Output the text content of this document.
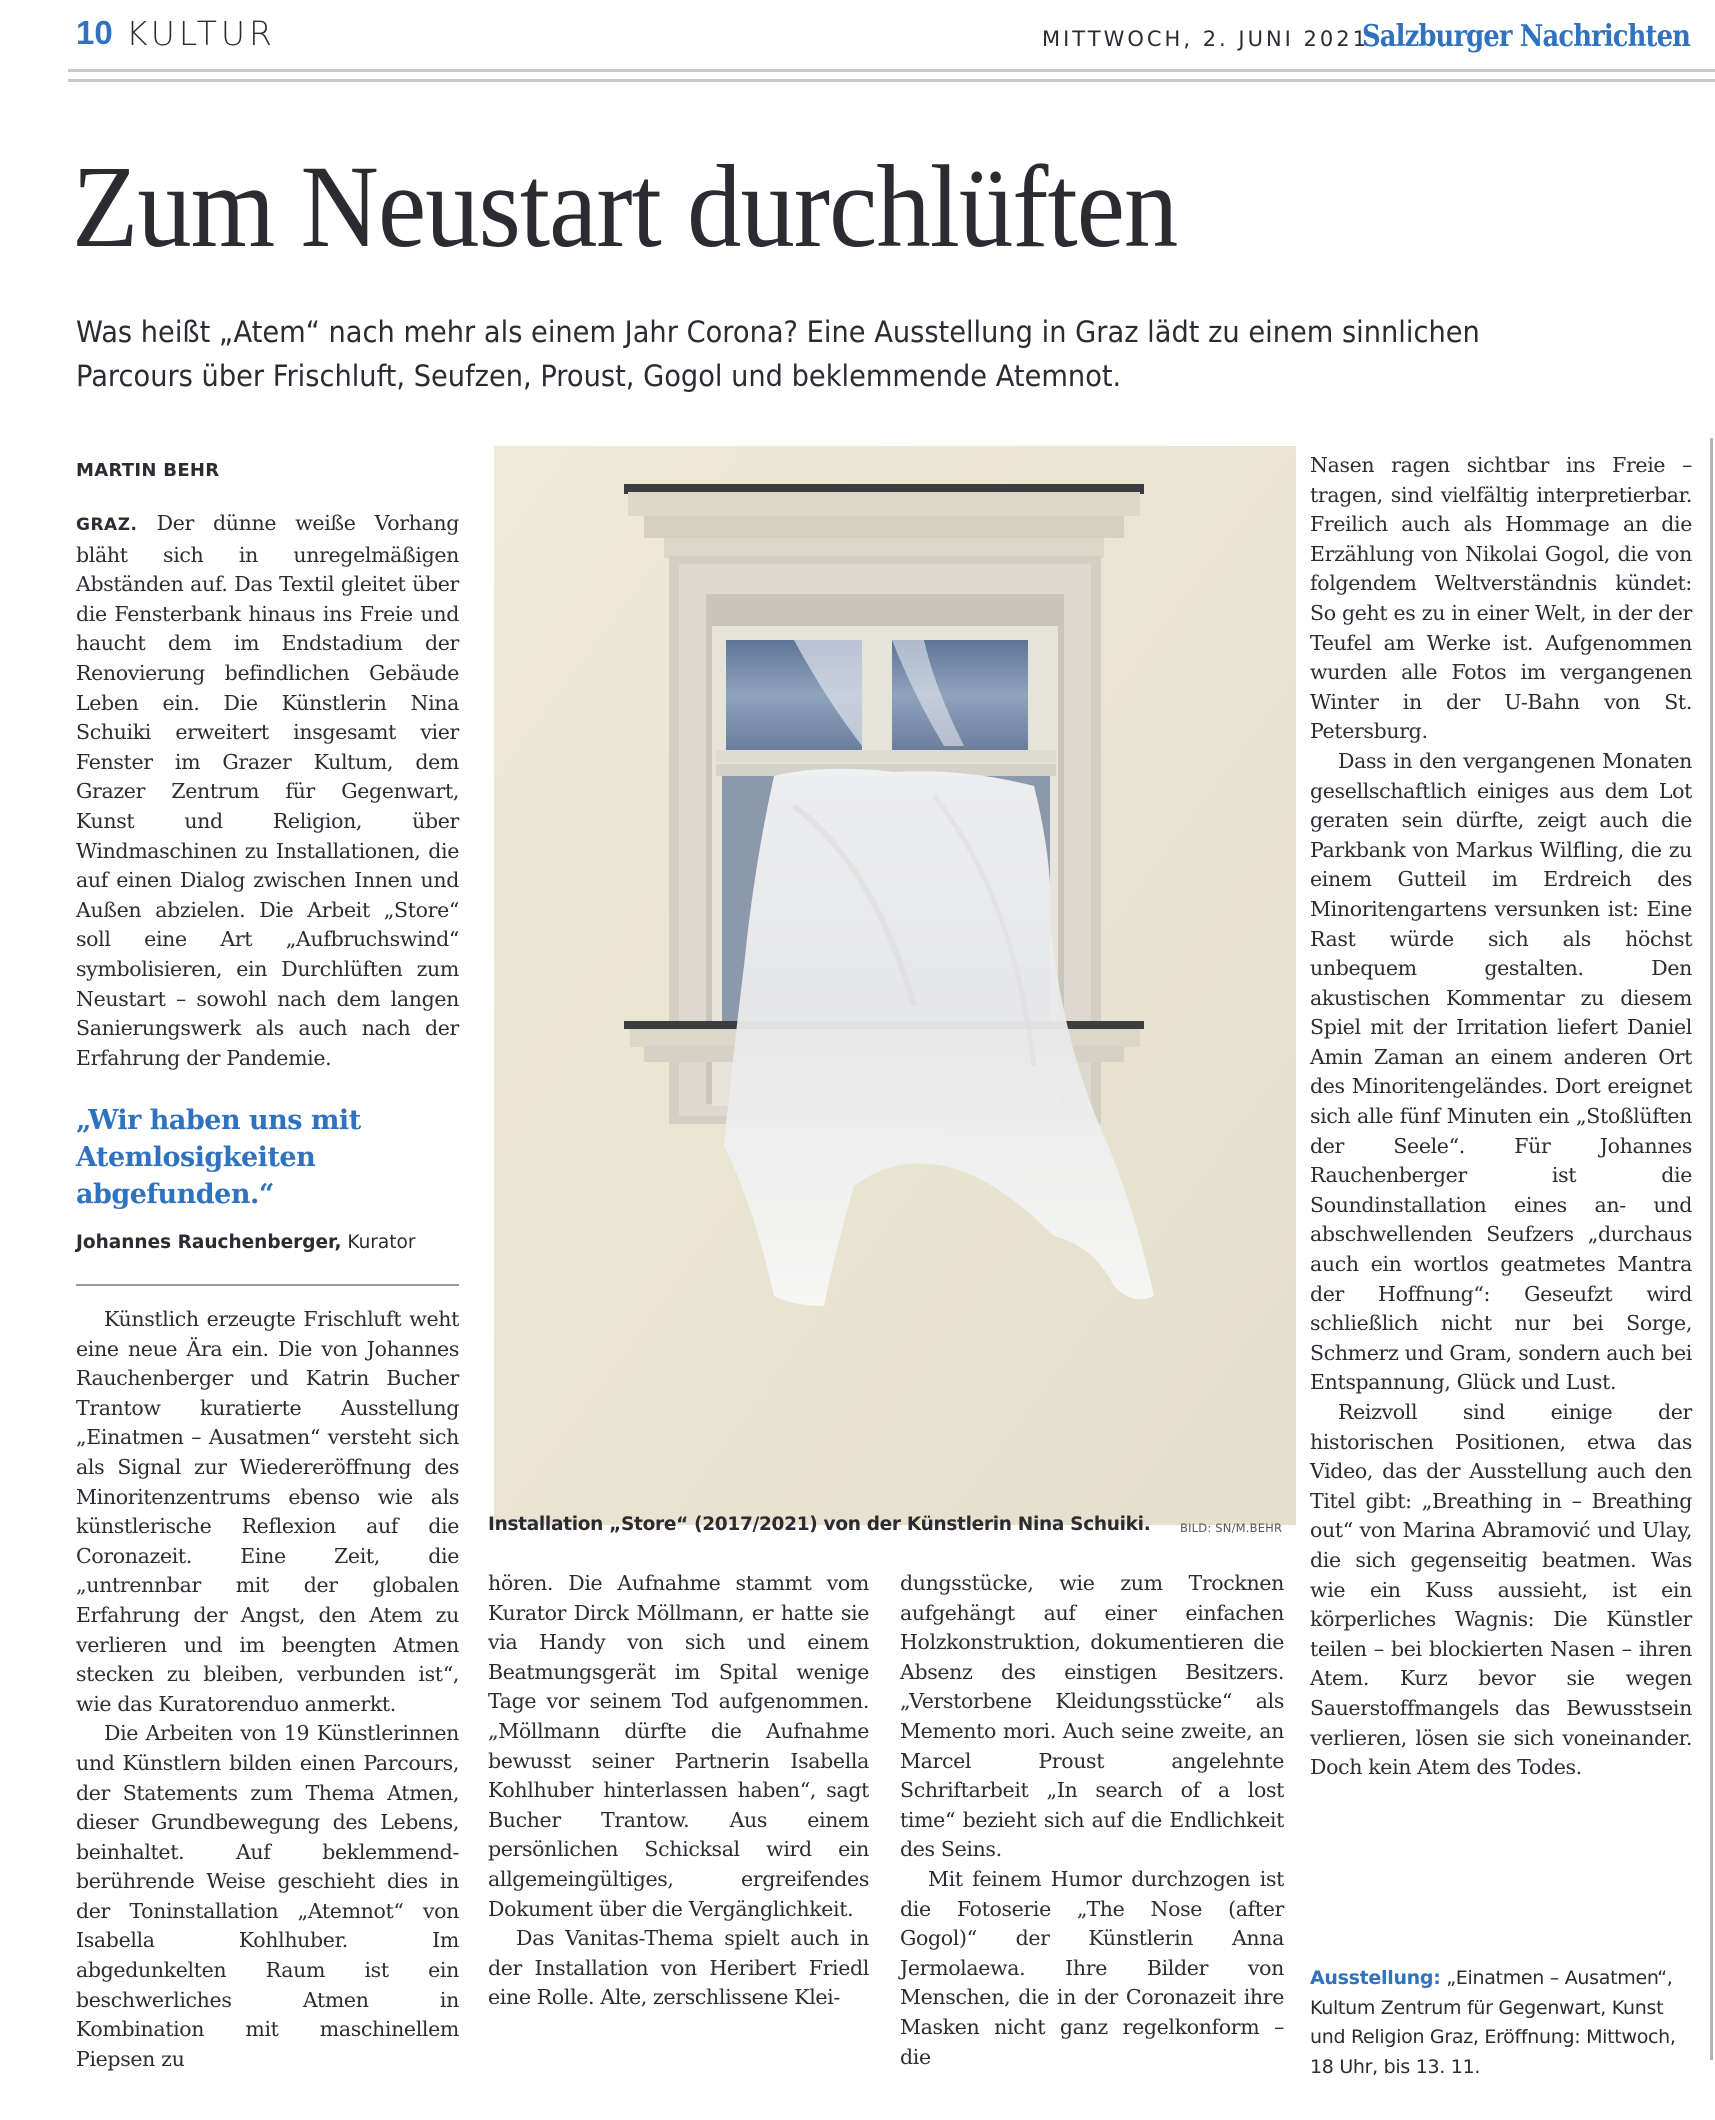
10 KULTUR	MITTWOCH, 2. JUNI 2021
Salzburger Nachrichten
Zum Neustart durchlüften
Was heißt „Atem“ nach mehr als einem Jahr Corona? Eine Ausstellung in Graz lädt zu einem sinnlichen Parcours über Frischluft, Seufzen, Proust, Gogol und beklemmende Atemnot.
MARTIN BEHR

GRAZ. Der dünne weiße Vorhang bläht sich in unregelmäßigen Abständen auf. Das Textil gleitet über die Fensterbank hinaus ins Freie und haucht dem im Endstadium der Renovierung befindlichen Gebäude Leben ein. Die Künstlerin Nina Schuiki erweitert insgesamt vier Fenster im Grazer Kultum, dem Grazer Zentrum für Gegenwart, Kunst und Religion, über Windmaschinen zu Installationen, die auf einen Dialog zwischen Innen und Außen abzielen. Die Arbeit „Store“ soll eine Art „Aufbruchswind“ symbolisieren, ein Durchlüften zum Neustart – sowohl nach dem langen Sanierungswerk als auch nach der Erfahrung der Pandemie.

„Wir haben uns mit Atemlosigkeiten abgefunden.“
Johannes Rauchenberger, Kurator

Künstlich erzeugte Frischluft weht eine neue Ära ein. Die von Johannes Rauchenberger und Katrin Bucher Trantow kuratierte Ausstellung „Einatmen – Ausatmen“ versteht sich als Signal zur Wiedereröffnung des Minoritenzentrums ebenso wie als künstlerische Reflexion auf die Coronazeit. Eine Zeit, die „untrennbar mit der globalen Erfahrung der Angst, den Atem zu verlieren und im beengten Atmen stecken zu bleiben, verbunden ist“, wie das Kuratorenduo anmerkt.

Die Arbeiten von 19 Künstlerinnen und Künstlern bilden einen Parcours, der Statements zum Thema Atmen, dieser Grundbewegung des Lebens, beinhaltet. Auf beklemmend-berührende Weise geschieht dies in der Toninstallation „Atemnot“ von Isabella Kohlhuber. Im abgedunkelten Raum ist ein beschwerliches Atmen in Kombination mit maschinellem Piepsen zu

Installation „Store“ (2017/2021) von der Künstlerin Nina Schuiki.	BILD: SN/M.BEHR

hören. Die Aufnahme stammt vom Kurator Dirck Möllmann, er hatte sie via Handy von sich und einem Beatmungsgerät im Spital wenige Tage vor seinem Tod aufgenommen. „Möllmann dürfte die Aufnahme bewusst seiner Partnerin Isabella Kohlhuber hinterlassen haben“, sagt Bucher Trantow. Aus einem persönlichen Schicksal wird ein allgemeingültiges, ergreifendes Dokument über die Vergänglichkeit.

Das Vanitas-Thema spielt auch in der Installation von Heribert Friedl eine Rolle. Alte, zerschlissene Klei-

dungsstücke, wie zum Trocknen aufgehängt auf einer einfachen Holzkonstruktion, dokumentieren die Absenz des einstigen Besitzers. „Verstorbene Kleidungsstücke“ als Memento mori. Auch seine zweite, an Marcel Proust angelehnte Schriftarbeit „In search of a lost time“ bezieht sich auf die Endlichkeit des Seins.

Mit feinem Humor durchzogen ist die Fotoserie „The Nose (after Gogol)“ der Künstlerin Anna Jermolaewa. Ihre Bilder von Menschen, die in der Coronazeit ihre Masken nicht ganz regelkonform – die

Nasen ragen sichtbar ins Freie – tragen, sind vielfältig interpretierbar. Freilich auch als Hommage an die Erzählung von Nikolai Gogol, die von folgendem Weltverständnis kündet: So geht es zu in einer Welt, in der der Teufel am Werke ist. Aufgenommen wurden alle Fotos im vergangenen Winter in der U-Bahn von St. Petersburg.

Dass in den vergangenen Monaten gesellschaftlich einiges aus dem Lot geraten sein dürfte, zeigt auch die Parkbank von Markus Wilfling, die zu einem Gutteil im Erdreich des Minoritengartens versunken ist: Eine Rast würde sich als höchst unbequem gestalten. Den akustischen Kommentar zu diesem Spiel mit der Irritation liefert Daniel Amin Zaman an einem anderen Ort des Minoritengeländes. Dort ereignet sich alle fünf Minuten ein „Stoßlüften der Seele“. Für Johannes Rauchenberger ist die Soundinstallation eines an- und abschwellenden Seufzers „durchaus auch ein wortlos geatmetes Mantra der Hoffnung“: Geseufzt wird schließlich nicht nur bei Sorge, Schmerz und Gram, sondern auch bei Entspannung, Glück und Lust.

Reizvoll sind einige der historischen Positionen, etwa das Video, das der Ausstellung auch den Titel gibt: „Breathing in – Breathing out“ von Marina Abramović und Ulay, die sich gegenseitig beatmen. Was wie ein Kuss aussieht, ist ein körperliches Wagnis: Die Künstler teilen – bei blockierten Nasen – ihren Atem. Kurz bevor sie wegen Sauerstoffmangels das Bewusstsein verlieren, lösen sie sich voneinander. Doch kein Atem des Todes.

Ausstellung: „Einatmen – Ausatmen“, Kultum Zentrum für Gegenwart, Kunst und Religion Graz, Eröffnung: Mittwoch, 18 Uhr, bis 13. 11.
